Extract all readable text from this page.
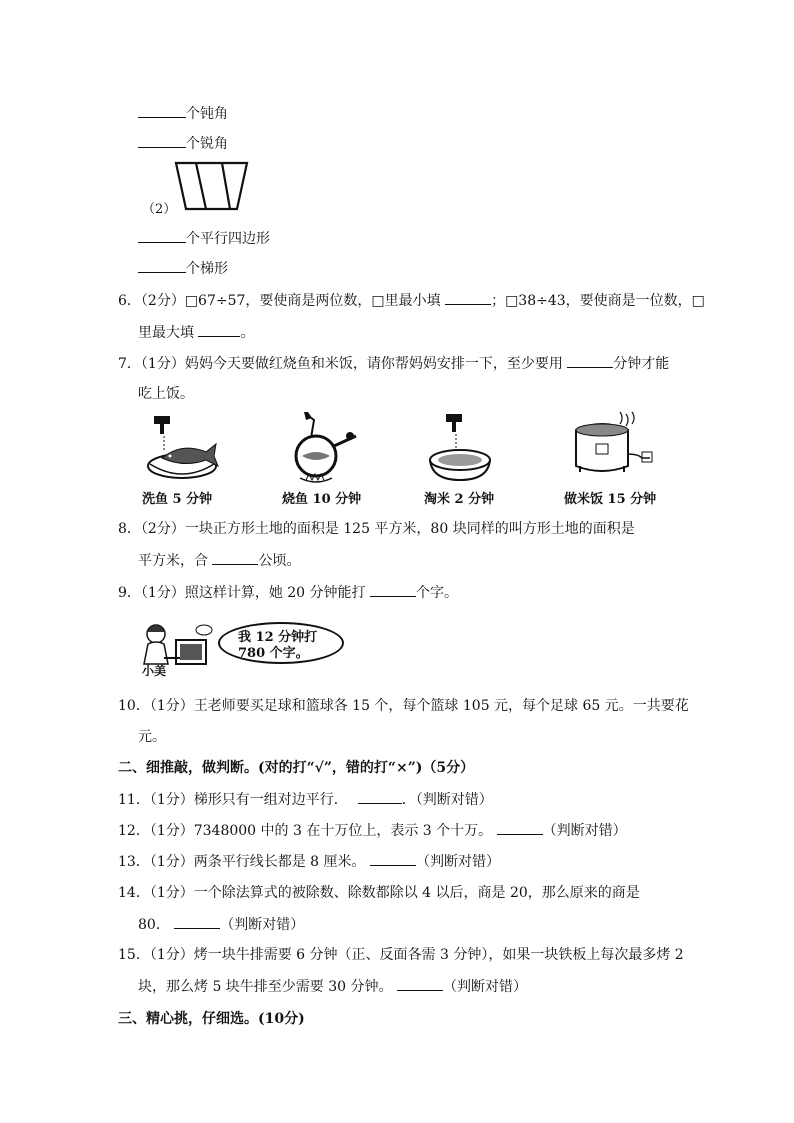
个钝角
个锐角
（2）
个平行四边形
个梯形
6．（2分）□67÷57，要使商是两位数，□里最小填	；□38÷43，要使商是一位数，□
里最大填	。
7．（1分）妈妈今天要做红烧鱼和米饭，请你帮妈妈安排一下，至少要用	分钟才能
吃上饭。
洗鱼 5 分钟	烧鱼 10 分钟	淘米 2 分钟	做米饭 15 分钟
8．（2分）一块正方形土地的面积是 125 平方米，80 块同样的叫方形土地的面积是
平方米，合	公顷。
9．（1分）照这样计算，她 20 分钟能打	个字。
小美
我 12 分钟打
780 个字。
10．（1分）王老师要买足球和篮球各 15 个，每个篮球 105 元，每个足球 65 元。一共要花
元。
二、细推敲，做判断。(对的打“√”，错的打“×”)（5分）
11．（1分）梯形只有一组对边平行．	．（判断对错）
12．（1分）7348000 中的 3 在十万位上，表示 3 个十万。	（判断对错）
13．（1分）两条平行线长都是 8 厘米。	（判断对错）
14．（1分）一个除法算式的被除数、除数都除以 4 以后，商是 20，那么原来的商是
80．	（判断对错）
15．（1分）烤一块牛排需要 6 分钟（正、反面各需 3 分钟），如果一块铁板上每次最多烤 2
块，那么烤 5 块牛排至少需要 30 分钟。	（判断对错）
三、精心挑，仔细选。(10分)
